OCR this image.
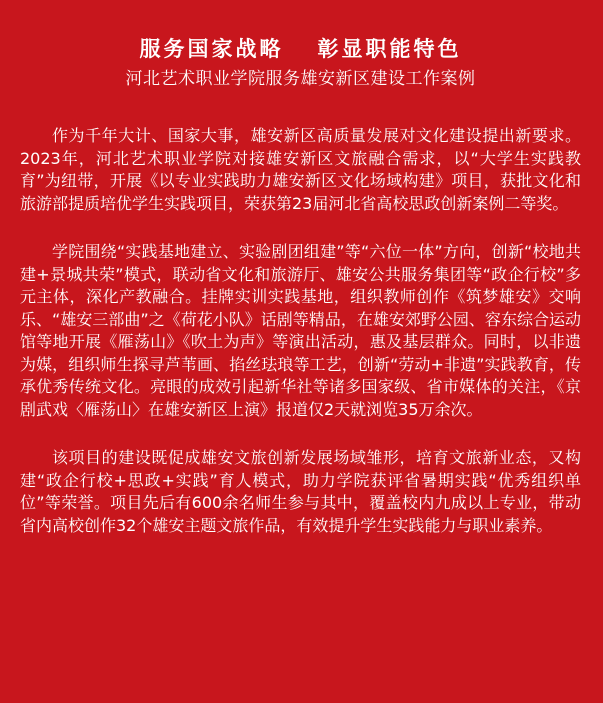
服务国家战略 彰显职能特色
河北艺术职业学院服务雄安新区建设工作案例

作为千年大计、国家大事，雄安新区高质量发展对文化建设提出新要求。2023年，河北艺术职业学院对接雄安新区文旅融合需求，以“大学生实践教育”为纽带，开展《以专业实践助力雄安新区文化场域构建》项目，获批文化和旅游部提质培优学生实践项目，荣获第23届河北省高校思政创新案例二等奖。

学院围绕“实践基地建立、实验剧团组建”等“六位一体”方向，创新“校地共建+景城共荣”模式，联动省文化和旅游厅、雄安公共服务集团等“政企行校”多元主体，深化产教融合。挂牌实训实践基地，组织教师创作《筑梦雄安》交响乐、“雄安三部曲”之《荷花小队》话剧等精品，在雄安郊野公园、容东综合运动馆等地开展《雁荡山》《吹土为声》等演出活动，惠及基层群众。同时，以非遗为媒，组织师生探寻芦苇画、掐丝珐琅等工艺，创新“劳动+非遗”实践教育，传承优秀传统文化。亮眼的成效引起新华社等诸多国家级、省市媒体的关注，《京剧武戏〈雁荡山〉在雄安新区上演》报道仅2天就浏览35万余次。

该项目的建设既促成雄安文旅创新发展场域雏形，培育文旅新业态，又构建“政企行校+思政+实践”育人模式，助力学院获评省暑期实践“优秀组织单位”等荣誉。项目先后有600余名师生参与其中，覆盖校内九成以上专业，带动省内高校创作32个雄安主题文旅作品，有效提升学生实践能力与职业素养。
